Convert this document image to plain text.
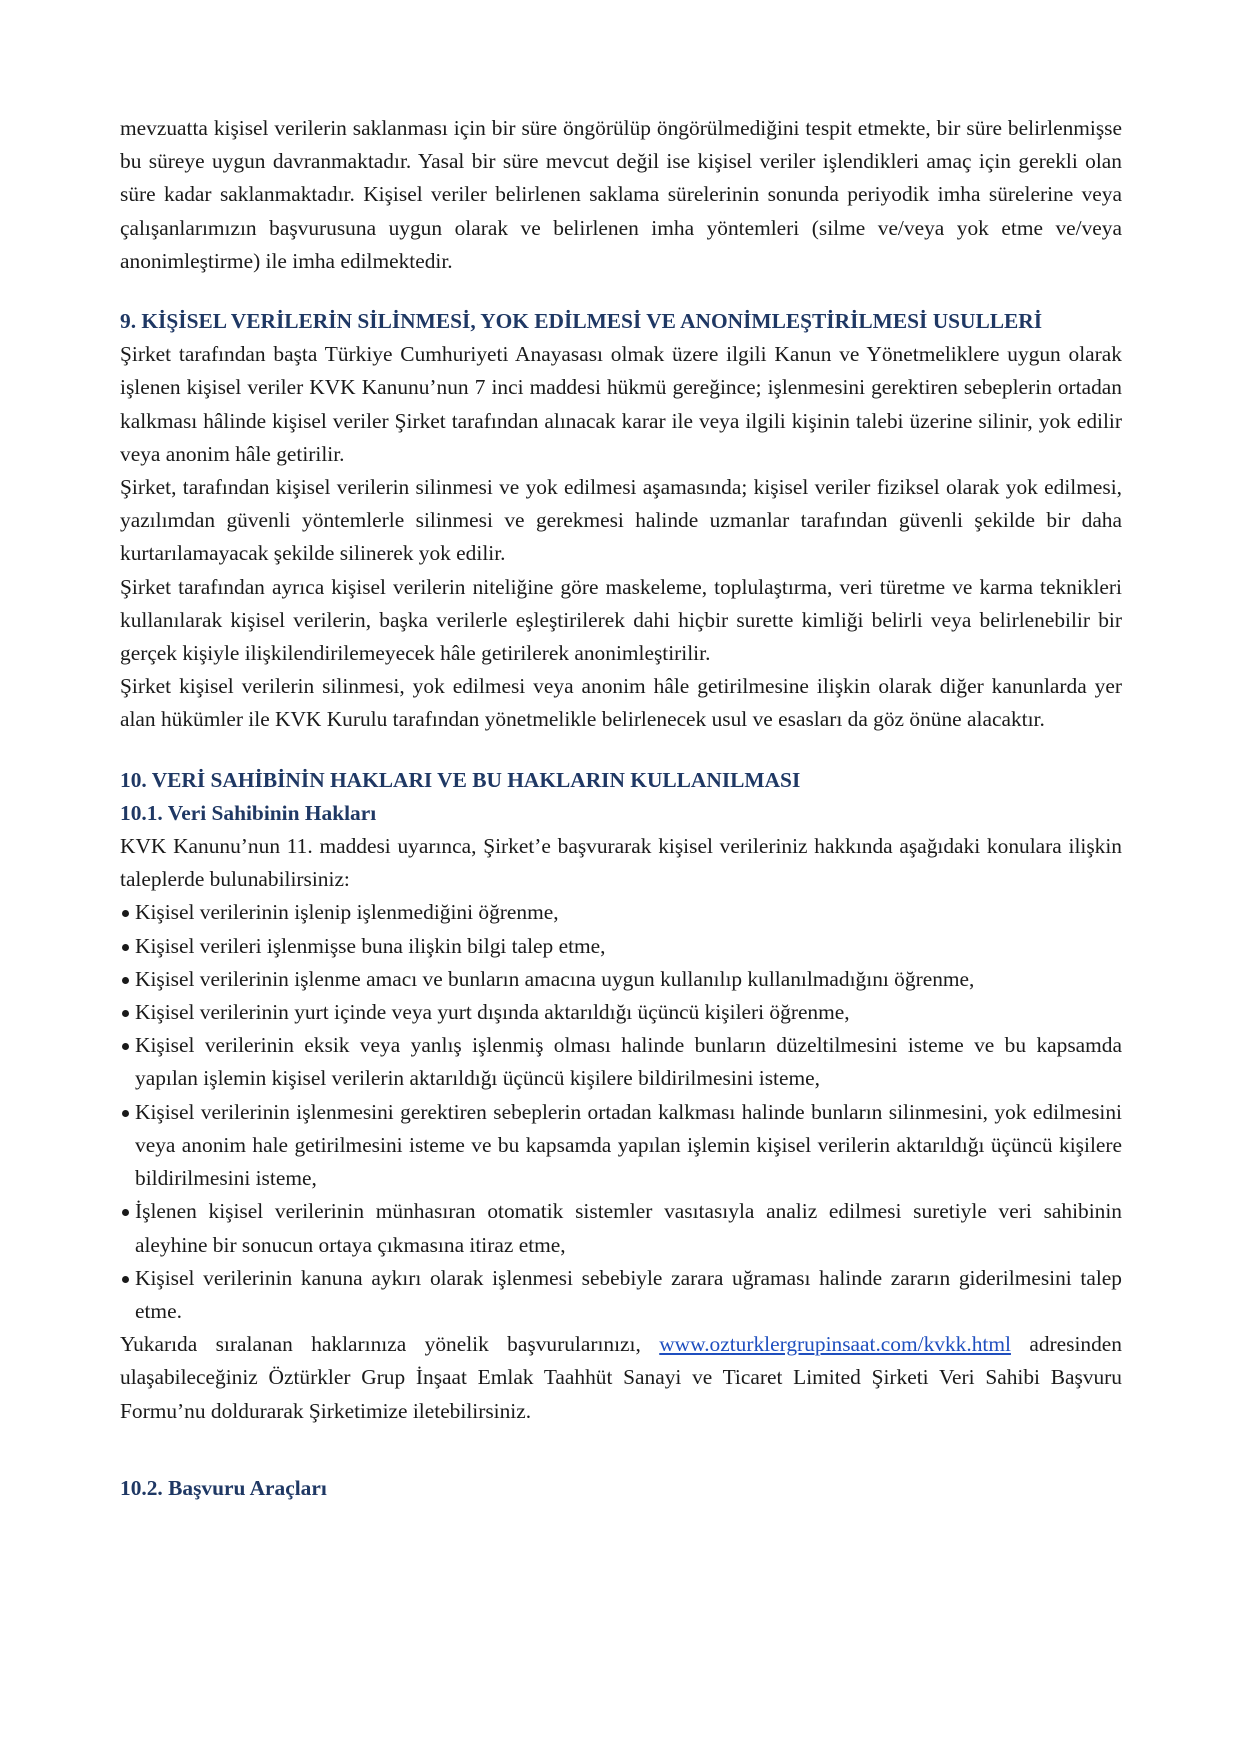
mevzuatta kişisel verilerin saklanması için bir süre öngörülüp öngörülmediğini tespit etmekte, bir süre belirlenmişse bu süreye uygun davranmaktadır. Yasal bir süre mevcut değil ise kişisel veriler işlendikleri amaç için gerekli olan süre kadar saklanmaktadır. Kişisel veriler belirlenen saklama sürelerinin sonunda periyodik imha sürelerine veya çalışanlarımızın başvurusuna uygun olarak ve belirlenen imha yöntemleri (silme ve/veya yok etme ve/veya anonimleştirme) ile imha edilmektedir.

9. KİŞİSEL VERİLERİN SİLİNMESİ, YOK EDİLMESİ VE ANONİMLEŞTİRİLMESİ USULLERİ

Şirket tarafından başta Türkiye Cumhuriyeti Anayasası olmak üzere ilgili Kanun ve Yönetmeliklere uygun olarak işlenen kişisel veriler KVK Kanunu’nun 7 inci maddesi hükmü gereğince; işlenmesini gerektiren sebeplerin ortadan kalkması hâlinde kişisel veriler Şirket tarafından alınacak karar ile veya ilgili kişinin talebi üzerine silinir, yok edilir veya anonim hâle getirilir.

Şirket, tarafından kişisel verilerin silinmesi ve yok edilmesi aşamasında; kişisel veriler fiziksel olarak yok edilmesi, yazılımdan güvenli yöntemlerle silinmesi ve gerekmesi halinde uzmanlar tarafından güvenli şekilde bir daha kurtarılamayacak şekilde silinerek yok edilir.

Şirket tarafından ayrıca kişisel verilerin niteliğine göre maskeleme, toplulaştırma, veri türetme ve karma teknikleri kullanılarak kişisel verilerin, başka verilerle eşleştirilerek dahi hiçbir surette kimliği belirli veya belirlenebilir bir gerçek kişiyle ilişkilendirilemeyecek hâle getirilerek anonimleştirilir.

Şirket kişisel verilerin silinmesi, yok edilmesi veya anonim hâle getirilmesine ilişkin olarak diğer kanunlarda yer alan hükümler ile KVK Kurulu tarafından yönetmelikle belirlenecek usul ve esasları da göz önüne alacaktır.

10. VERİ SAHİBİNİN HAKLARI VE BU HAKLARIN KULLANILMASI
10.1. Veri Sahibinin Hakları

KVK Kanunu’nun 11. maddesi uyarınca, Şirket’e başvurarak kişisel verileriniz hakkında aşağıdaki konulara ilişkin taleplerde bulunabilirsiniz:

Kişisel verilerinin işlenip işlenmediğini öğrenme,
Kişisel verileri işlenmişse buna ilişkin bilgi talep etme,
Kişisel verilerinin işlenme amacı ve bunların amacına uygun kullanılıp kullanılmadığını öğrenme,
Kişisel verilerinin yurt içinde veya yurt dışında aktarıldığı üçüncü kişileri öğrenme,
Kişisel verilerinin eksik veya yanlış işlenmiş olması halinde bunların düzeltilmesini isteme ve bu kapsamda yapılan işlemin kişisel verilerin aktarıldığı üçüncü kişilere bildirilmesini isteme,
Kişisel verilerinin işlenmesini gerektiren sebeplerin ortadan kalkması halinde bunların silinmesini, yok edilmesini veya anonim hale getirilmesini isteme ve bu kapsamda yapılan işlemin kişisel verilerin aktarıldığı üçüncü kişilere bildirilmesini isteme,
İşlenen kişisel verilerinin münhasıran otomatik sistemler vasıtasıyla analiz edilmesi suretiyle veri sahibinin aleyhine bir sonucun ortaya çıkmasına itiraz etme,
Kişisel verilerinin kanuna aykırı olarak işlenmesi sebebiyle zarara uğraması halinde zararın giderilmesini talep etme.

Yukarıda sıralanan haklarınıza yönelik başvurularınızı, www.ozturklergrupinsaat.com/kvkk.html adresinden ulaşabileceğiniz Öztürkler Grup İnşaat Emlak Taahhüt Sanayi ve Ticaret Limited Şirketi Veri Sahibi Başvuru Formu’nu doldurarak Şirketimize iletebilirsiniz.

10.2. Başvuru Araçları
